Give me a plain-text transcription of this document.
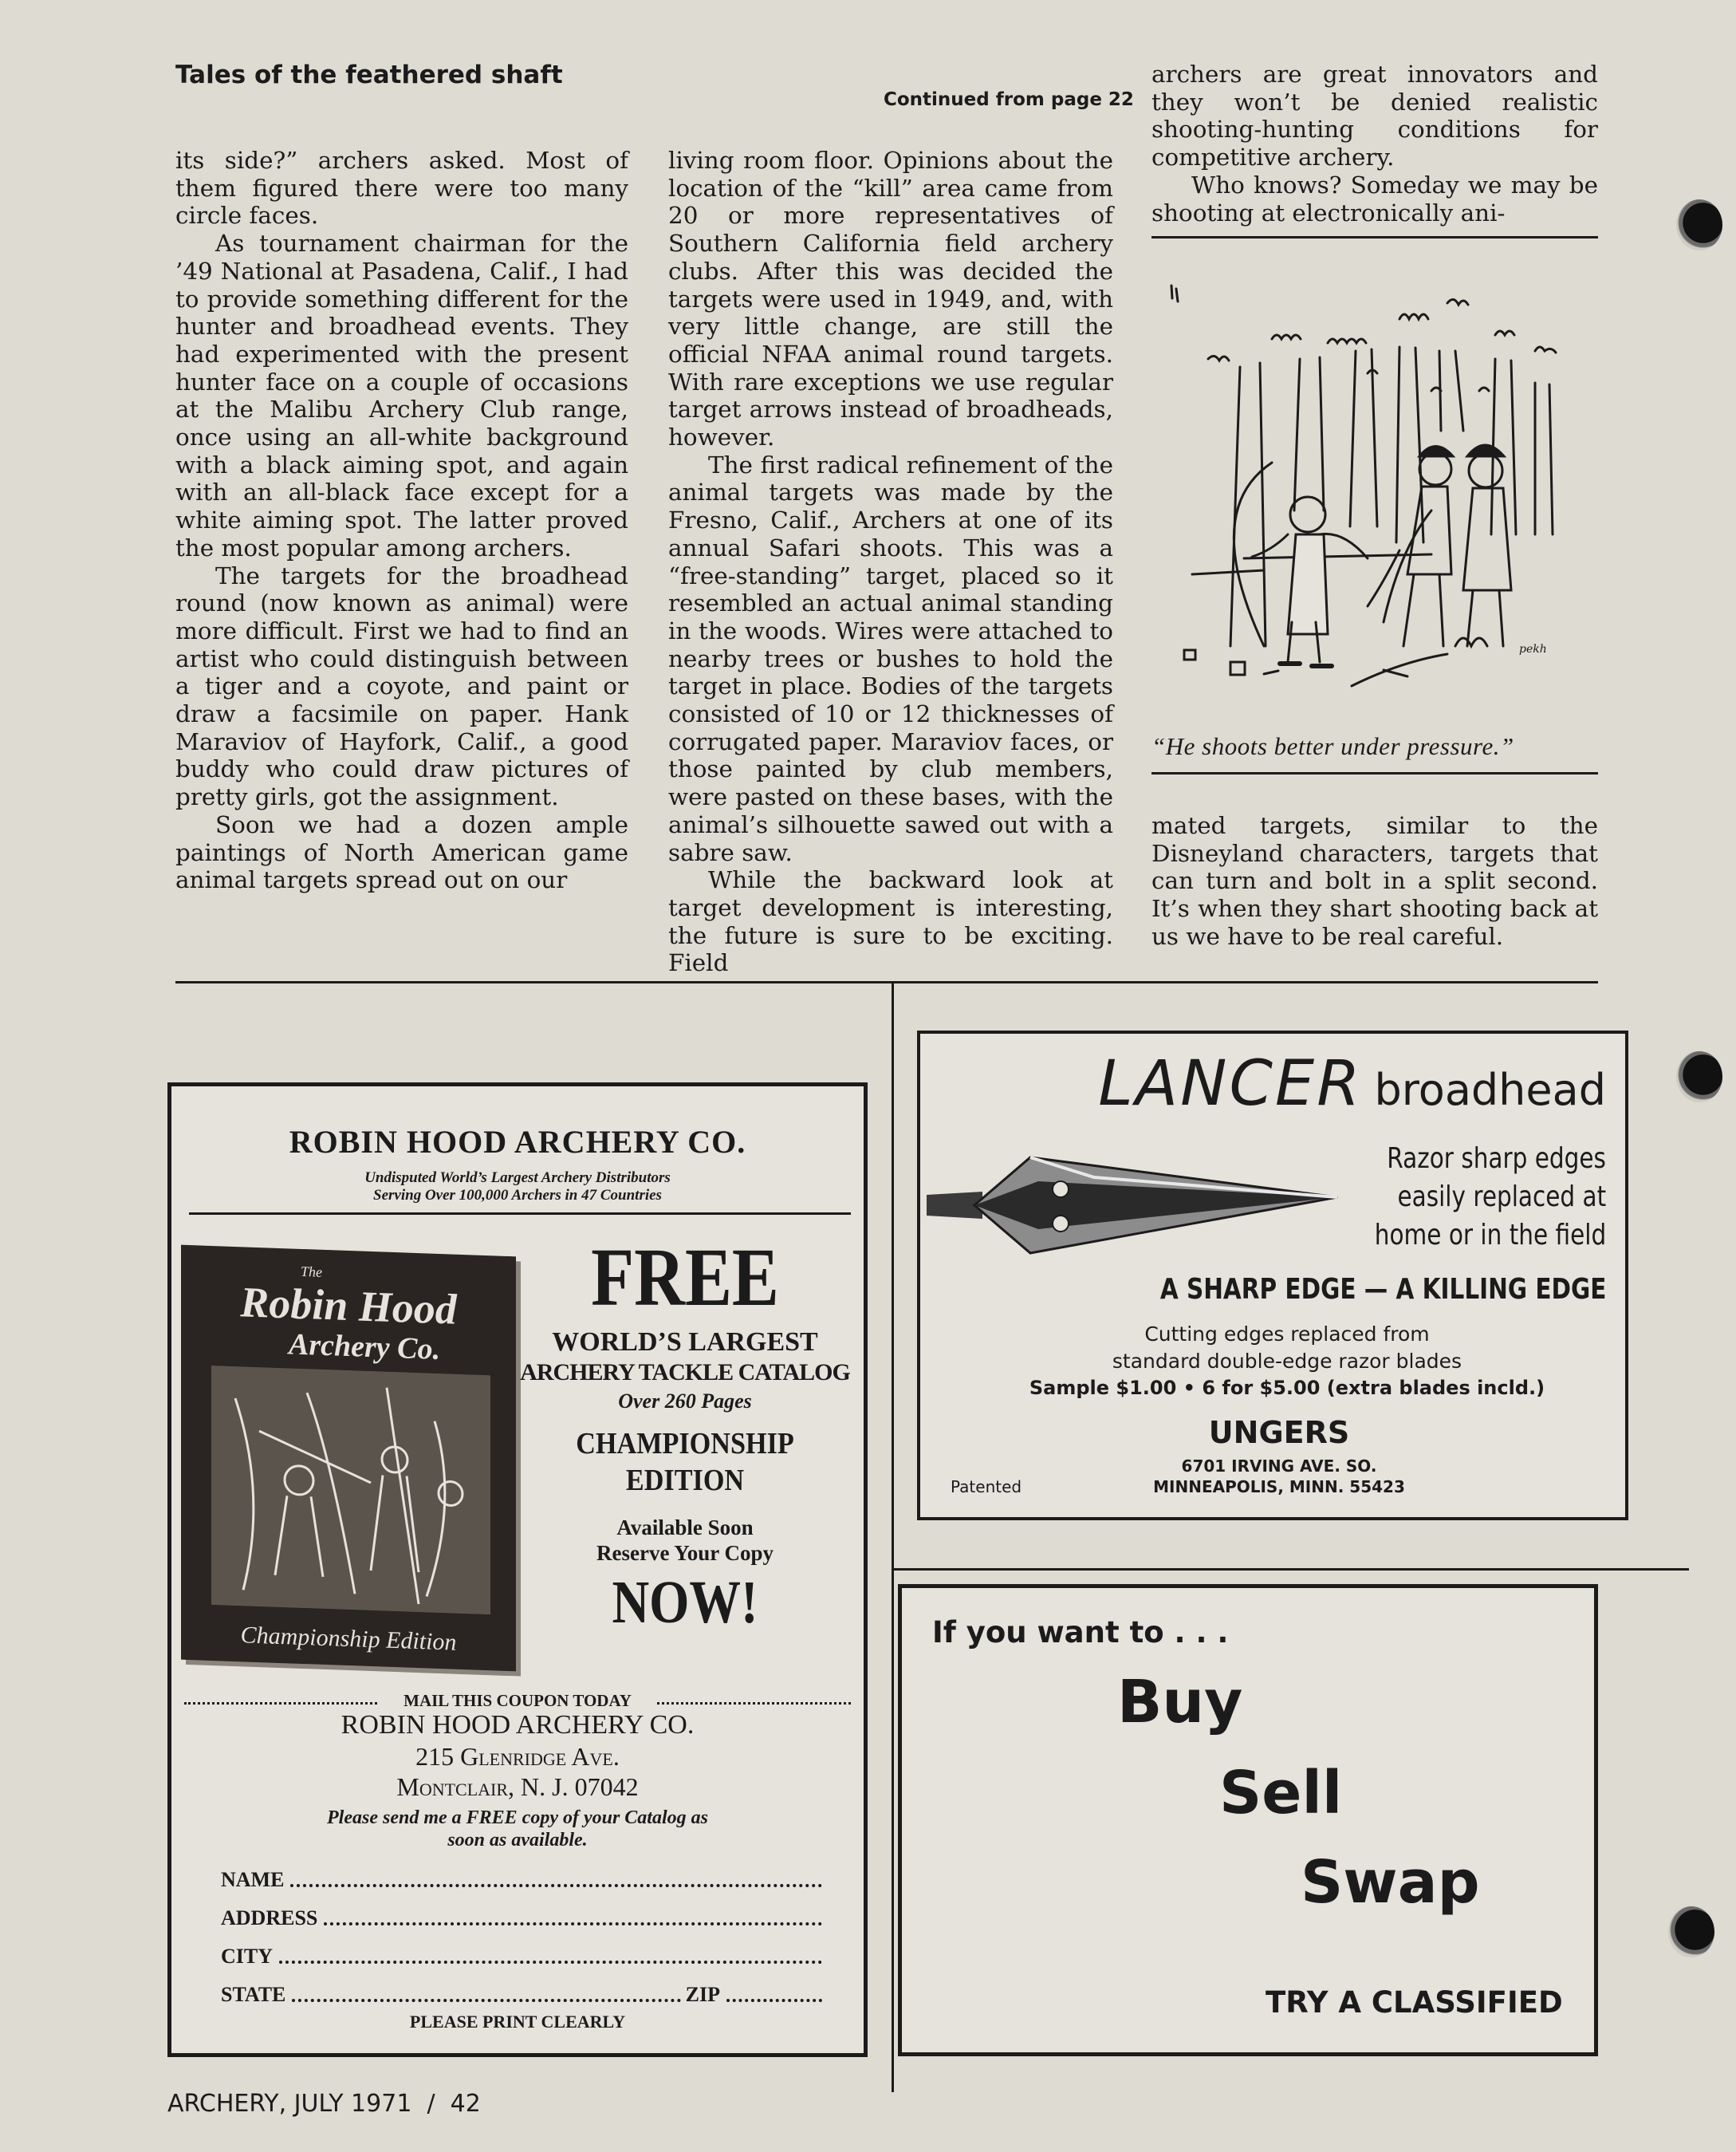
Tales of the feathered shaft
Continued from page 22

its side?” archers asked. Most of them figured there were too many circle faces.

As tournament chairman for the ’49 National at Pasadena, Calif., I had to provide something different for the hunter and broadhead events. They had experimented with the present hunter face on a couple of occasions at the Malibu Archery Club range, once using an all-white background with a black aiming spot, and again with an all-black face except for a white aiming spot. The latter proved the most popular among archers.

The targets for the broadhead round (now known as animal) were more difficult. First we had to find an artist who could distinguish between a tiger and a coyote, and paint or draw a facsimile on paper. Hank Maraviov of Hayfork, Calif., a good buddy who could draw pictures of pretty girls, got the assignment.

Soon we had a dozen ample paintings of North American game animal targets spread out on our

living room floor. Opinions about the location of the “kill” area came from 20 or more representatives of Southern California field archery clubs. After this was decided the targets were used in 1949, and, with very little change, are still the official NFAA animal round targets. With rare exceptions we use regular target arrows instead of broadheads, however.

The first radical refinement of the animal targets was made by the Fresno, Calif., Archers at one of its annual Safari shoots. This was a “free-standing” target, placed so it resembled an actual animal standing in the woods. Wires were attached to nearby trees or bushes to hold the target in place. Bodies of the targets consisted of 10 or 12 thicknesses of corrugated paper. Maraviov faces, or those painted by club members, were pasted on these bases, with the animal’s silhouette sawed out with a sabre saw.

While the backward look at target development is interesting, the future is sure to be exciting. Field

archers are great innovators and they won’t be denied realistic shooting-hunting conditions for competitive archery.

Who knows? Someday we may be shooting at electronically ani-

pekh
“He shoots better under pressure.”

mated targets, similar to the Disneyland characters, targets that can turn and bolt in a split second. It’s when they shart shooting back at us we have to be real careful.

ROBIN HOOD ARCHERY CO.
Undisputed World’s Largest Archery Distributors
Serving Over 100,000 Archers in 47 Countries
The
Robin Hood
Archery Co.
Championship Edition
FREE
WORLD’S LARGEST
ARCHERY TACKLE CATALOG
Over 260 Pages
CHAMPIONSHIP
EDITION
Available Soon
Reserve Your Copy
NOW!
MAIL THIS COUPON TODAY
ROBIN HOOD ARCHERY CO.
215 Glenridge Ave.
Montclair, N. J. 07042
Please send me a FREE copy of your Catalog as
soon as available.
NAME
ADDRESS
CITY
STATE	ZIP
PLEASE PRINT CLEARLY
LANCER broadhead
Razor sharp edges
easily replaced at
home or in the field
A SHARP EDGE — A KILLING EDGE
Cutting edges replaced from
standard double-edge razor blades
Sample $1.00 • 6 for $5.00 (extra blades incld.)
UNGERS
6701 IRVING AVE. SO.
MINNEAPOLIS, MINN. 55423
Patented
If you want to . . .
Buy
Sell
Swap
TRY A CLASSIFIED
ARCHERY, JULY 1971  /  42
